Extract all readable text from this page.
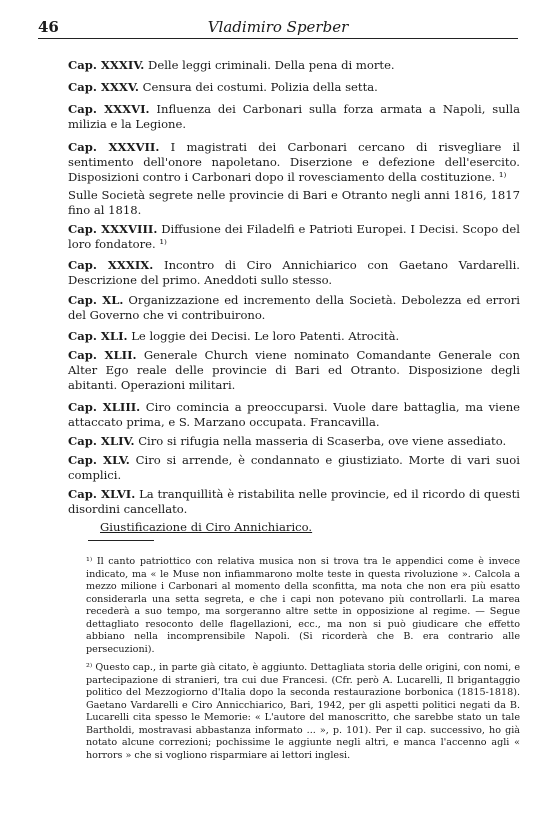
46	Vladimiro Sperber
Cap. XXXIV. Delle leggi criminali. Della pena di morte.
Cap. XXXV. Censura dei costumi. Polizia della setta.
Cap. XXXVI. Influenza dei Carbonari sulla forza armata a Napoli, sulla milizia e la Legione.
Cap. XXXVII. I magistrati dei Carbonari cercano di risvegliare il sentimento dell'onore napoletano. Diserzione e defezione dell'esercito. Disposizioni contro i Carbonari dopo il rovesciamento della costituzione. ¹⁾
Sulle Società segrete nelle provincie di Bari e Otranto negli anni 1816, 1817 fino al 1818.
Cap. XXXVIII. Diffusione dei Filadelfi e Patrioti Europei. I Decisi. Scopo del loro fondatore. ¹⁾
Cap. XXXIX. Incontro di Ciro Annichiarico con Gaetano Vardarelli. Descrizione del primo. Aneddoti sullo stesso.
Cap. XL. Organizzazione ed incremento della Società. Debolezza ed errori del Governo che vi contribuirono.
Cap. XLI. Le loggie dei Decisi. Le loro Patenti. Atrocità.
Cap. XLII. Generale Church viene nominato Comandante Generale con Alter Ego reale delle provincie di Bari ed Otranto. Disposizione degli abitanti. Operazioni militari.
Cap. XLIII. Ciro comincia a preoccuparsi. Vuole dare battaglia, ma viene attaccato prima, e S. Marzano occupata. Francavilla.
Cap. XLIV. Ciro si rifugia nella masseria di Scaserba, ove viene assediato.
Cap. XLV. Ciro si arrende, è condannato e giustiziato. Morte di vari suoi complici.
Cap. XLVI. La tranquillità è ristabilita nelle provincie, ed il ricordo di questi disordini cancellato.
Giustificazione di Ciro Annichiarico.
¹⁾ Il canto patriottico con relativa musica non si trova tra le appendici come è invece indicato, ma « le Muse non infiammarono molte teste in questa rivoluzione ». Calcola a mezzo milione i Carbonari al momento della sconfitta, ma nota che non era più esatto considerarla una setta segreta, e che i capi non potevano più controllarli. La marea recederà a suo tempo, ma sorgeranno altre sette in opposizione al regime. — Segue dettagliato resoconto delle flagellazioni, ecc., ma non si può giudicare che effetto abbiano nella incomprensibile Napoli. (Si ricorderà che B. era contrario alle persecuzioni).
²⁾ Questo cap., in parte già citato, è aggiunto. Dettagliata storia delle origini, con nomi, e partecipazione di stranieri, tra cui due Francesi. (Cfr. però A. Lucarelli, Il brigantaggio politico del Mezzogiorno d'Italia dopo la seconda restaurazione borbonica (1815-1818). Gaetano Vardarelli e Ciro Annicchiarico, Bari, 1942, per gli aspetti politici negati da B. Lucarelli cita spesso le Memorie: « L'autore del manoscritto, che sarebbe stato un tale Bartholdi, mostravasi abbastanza informato ... », p. 101). Per il cap. successivo, ho già notato alcune correzioni; pochissime le aggiunte negli altri, e manca l'accenno agli « horrors » che si vogliono risparmiare ai lettori inglesi.
